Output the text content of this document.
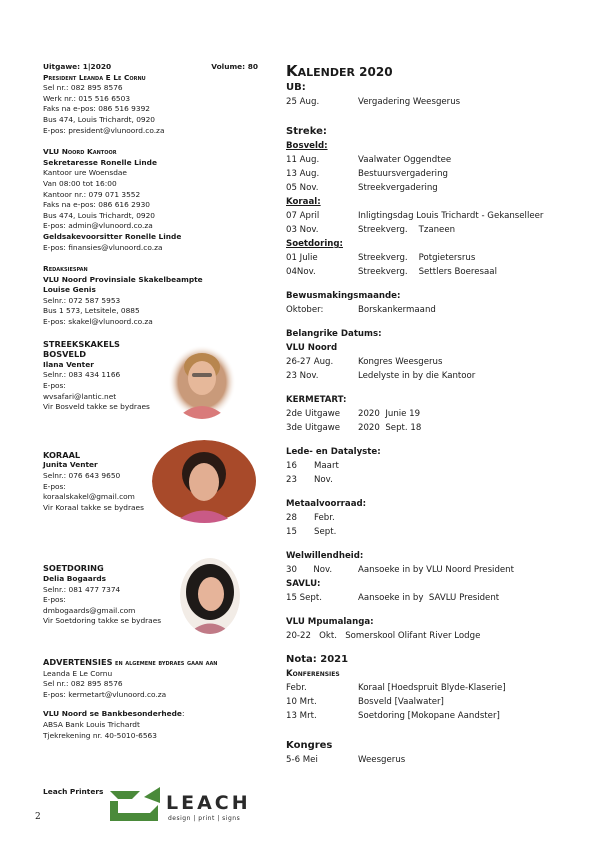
Uitgawe: 1|2020	Volume: 80
President Leanda E Le Cornu
Sel nr.: 082 895 8576
Werk nr.: 015 516 6503
Faks na e-pos: 086 516 9392
Bus 474, Louis Trichardt, 0920
E-pos: president@vlunoord.co.za
VLU Noord Kantoor
Sekretaresse Ronelle Linde
Kantoor ure Woensdae
Van 08:00 tot 16:00
Kantoor nr.: 079 071 3552
Faks na e-pos: 086 616 2930
Bus 474, Louis Trichardt, 0920
E-pos: admin@vlunoord.co.za
Geldsakevoorsitter Ronelle Linde
E-pos: finansies@vlunoord.co.za
Redaksiespan
VLU Noord Provinsiale Skakelbeampte
Louise Genis
Selnr.: 072 587 5953
Bus 1 573, Letsitele, 0885
E-pos: skakel@vlunoord.co.za
STREEKSKAKELS
BOSVELD
Ilana Venter
Selnr.: 083 434 1166
E-pos:
wvsafari@lantic.net
Vir Bosveld takke se bydraes
KORAAL
Junita Venter
Selnr.: 076 643 9650
E-pos:
koraalskakel@gmail.com
Vir Koraal takke se bydraes
SOETDORING
Delia Bogaards
Selnr.: 081 477 7374
E-pos:
dmbogaards@gmail.com
Vir Soetdoring takke se bydraes
ADVERTENSIES en algemene bydraes gaan aan
Leanda E Le Cornu
Sel nr.: 082 895 8576
E-pos: kermetart@vlunoord.co.za
VLU Noord se Bankbesonderhede:
ABSA Bank Louis Trichardt
Tjekrekening nr. 40-5010-6563
Leach Printers
LEACH
design | print | signs
2
Kalender 2020
UB:
25 Aug.	Vergadering Weesgerus
Streke:
Bosveld:
11 Aug.	Vaalwater Oggendtee
13 Aug.	Bestuursvergadering
05 Nov.	Streekvergadering
Koraal:
07 April	Inligtingsdag Louis Trichardt - Gekanselleer
03 Nov.	Streekverg.    Tzaneen
Soetdoring:
01 Julie	Streekverg.    Potgietersrus
04Nov.	Streekverg.    Settlers Boeresaal
Bewusmakingsmaande:
Oktober:	Borskankermaand
Belangrike Datums:
VLU Noord
26-27 Aug.	Kongres Weesgerus
23 Nov.	Ledelyste in by die Kantoor
KERMETART:
2de Uitgawe	2020  Junie 19
3de Uitgawe	2020  Sept. 18
Lede- en Datalyste:
16	Maart
23	Nov.
Metaalvoorraad:
28	Febr.
15	Sept.
Welwillendheid:
30      Nov.	Aansoeke in by VLU Noord President
SAVLU:
15 Sept.	Aansoeke in by  SAVLU President
VLU Mpumalanga:
20-22   Okt.   Somerskool Olifant River Lodge
Nota: 2021
Konferensies
Febr.	Koraal [Hoedspruit Blyde-Klaserie]
10 Mrt.	Bosveld [Vaalwater]
13 Mrt.	Soetdoring [Mokopane Aandster]
Kongres
5-6 Mei	Weesgerus
